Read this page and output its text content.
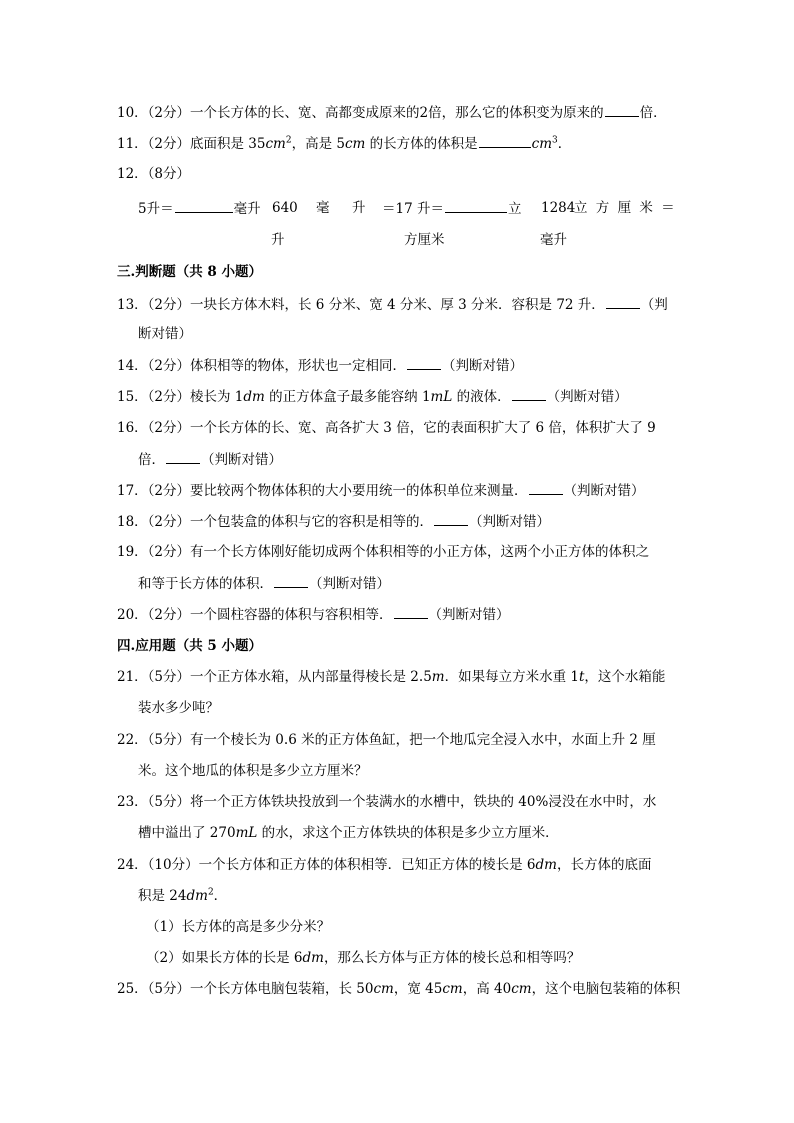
10．（2分）一个长方体的长、宽、高都变成原来的2倍，那么它的体积变为原来的	倍．
11．（2分）底面积是 $35cm^2$，高是 5cm 的长方体的体积是	$cm^3$．
12．（8分）
5升＝	毫升 640 毫 升 ＝17 升＝	立 1284
立 方 厘 米 ＝
升	方厘米	毫升
三.判断题（共 8 小题）
13．（2分）一块长方体木料，长 6 分米、宽 4 分米、厚 3 分米．容积是 72 升．	（判
断对错）
14．（2分）体积相等的物体，形状也一定相同．	（判断对错）
15．（2分）棱长为 1dm 的正方体盒子最多能容纳 1mL 的液体．	（判断对错）
16．（2分）一个长方体的长、宽、高各扩大 3 倍，它的表面积扩大了 6 倍，体积扩大了 9
倍．	（判断对错）
17．（2分）要比较两个物体体积的大小要用统一的体积单位来测量．	（判断对错）
18．（2分）一个包装盒的体积与它的容积是相等的．	（判断对错）
19．（2分）有一个长方体刚好能切成两个体积相等的小正方体，这两个小正方体的体积之
和等于长方体的体积．	（判断对错）
20．（2分）一个圆柱容器的体积与容积相等．	（判断对错）
四.应用题（共 5 小题）
21．（5分）一个正方体水箱，从内部量得棱长是 2.5m．如果每立方米水重 1t，这个水箱能
装水多少吨？
22．（5分）有一个棱长为 0.6 米的正方体鱼缸，把一个地瓜完全浸入水中，水面上升 2 厘
米。这个地瓜的体积是多少立方厘米？
23．（5分）将一个正方体铁块投放到一个装满水的水槽中，铁块的 40%浸没在水中时，水
槽中溢出了 270mL 的水，求这个正方体铁块的体积是多少立方厘米．
24．（10分）一个长方体和正方体的体积相等．已知正方体的棱长是 6dm，长方体的底面
积是 $24dm^2$．
（1）长方体的高是多少分米？
（2）如果长方体的长是 6dm，那么长方体与正方体的棱长总和相等吗？
25．（5分）一个长方体电脑包装箱，长 50cm，宽 45cm，高 40cm，这个电脑包装箱的体积
